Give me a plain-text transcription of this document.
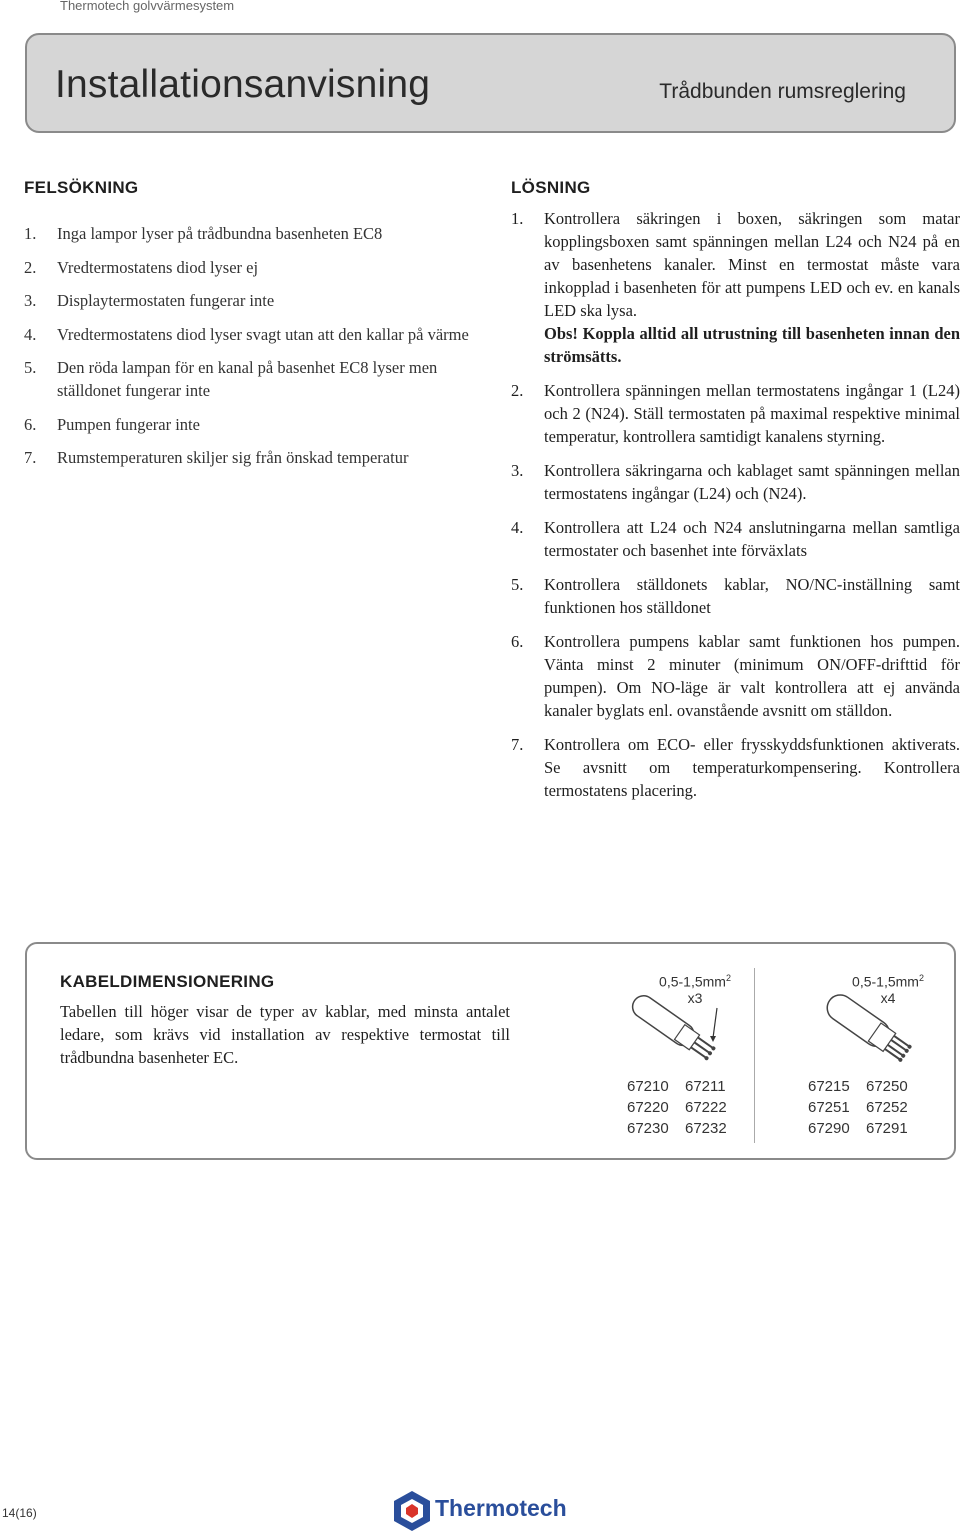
Thermotech golvvärmesystem
Installationsanvisning	Trådbunden rumsreglering
FELSÖKNING
1. Inga lampor lyser på trådbundna basenheten EC8
2. Vredtermostatens diod lyser ej
3. Displaytermostaten fungerar inte
4. Vredtermostatens diod lyser svagt utan att den kallar på värme
5. Den röda lampan för en kanal på basenhet EC8 lyser men ställdonet fungerar inte
6. Pumpen fungerar inte
7. Rumstemperaturen skiljer sig från önskad temperatur
LÖSNING
1. Kontrollera säkringen i boxen, säkringen som matar kopplingsboxen samt spänningen mellan L24 och N24 på en av basenhetens kanaler. Minst en termostat måste vara inkopplad i basenheten för att pumpens LED och ev. en kanals LED ska lysa.
Obs! Koppla alltid all utrustning till basenheten innan den strömsätts.
2. Kontrollera spänningen mellan termostatens ingångar 1 (L24) och 2 (N24). Ställ termostaten på maximal respektive minimal temperatur, kontrollera samtidigt kanalens styrning.
3. Kontrollera säkringarna och kablaget samt spänningen mellan termostatens ingångar (L24) och (N24).
4. Kontrollera att L24 och N24 anslutningarna mellan samtliga termostater och basenhet inte förväxlats
5. Kontrollera ställdonets kablar, NO/NC-inställning samt funktionen hos ställdonet
6. Kontrollera pumpens kablar samt funktionen hos pumpen. Vänta minst 2 minuter (minimum ON/OFF-drifttid för pumpen). Om NO-läge är valt kontrollera att ej använda kanaler byglats enl. ovanstående avsnitt om ställdon.
7. Kontrollera om ECO- eller frysskyddsfunktionen aktiverats. Se avsnitt om temperaturkompensering. Kontrollera termostatens placering.
KABELDIMENSIONERING
Tabellen till höger visar de typer av kablar, med minsta antalet ledare, som krävs vid installation av respektive termostat till trådbundna basenheter EC.
$0,5-1,5mm^2$
x3
67210 67211
67220 67222
67230 67232
$0,5-1,5mm^2$
x4
67215 67250
67251 67252
67290 67291
14(16)	Thermotech
